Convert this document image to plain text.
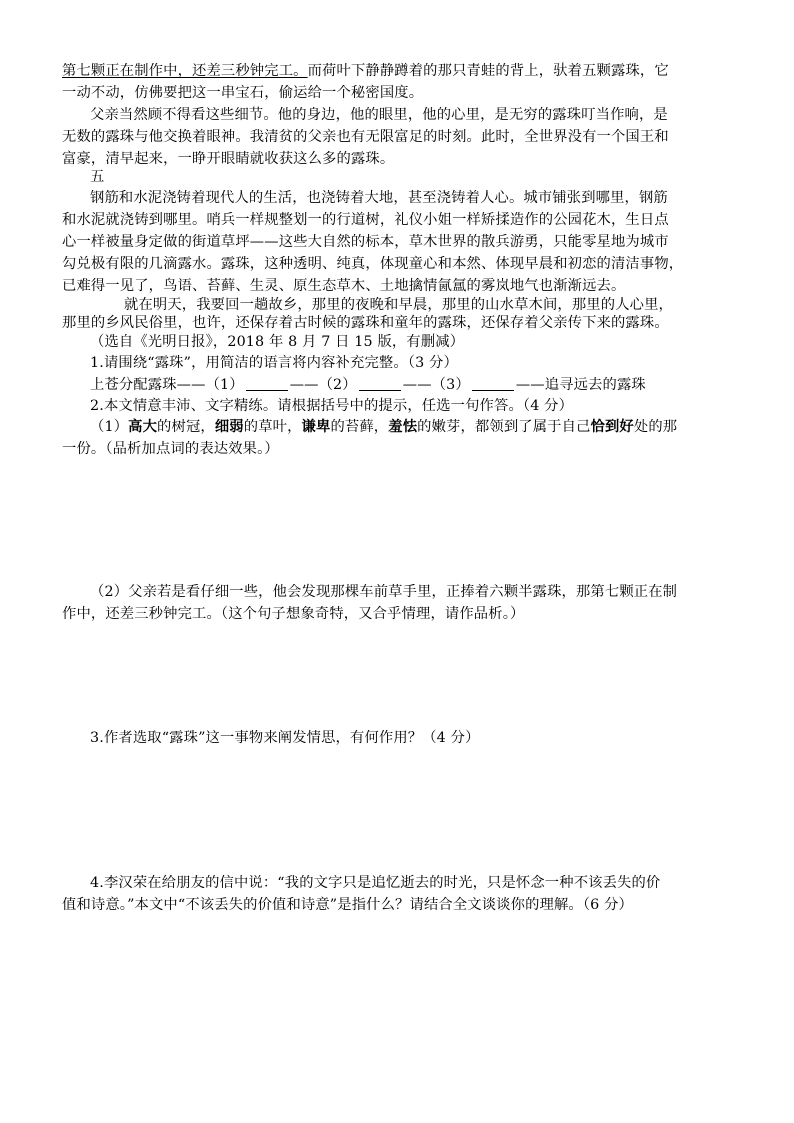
第七颗正在制作中，还差三秒钟完工。而荷叶下静静蹲着的那只青蛙的背上，驮着五颗露珠，它
一动不动，仿佛要把这一串宝石，偷运给一个秘密国度。
父亲当然顾不得看这些细节。他的身边，他的眼里，他的心里，是无穷的露珠叮当作响，是
无数的露珠与他交换着眼神。我清贫的父亲也有无限富足的时刻。此时，全世界没有一个国王和
富豪，清早起来，一睁开眼睛就收获这么多的露珠。
五
钢筋和水泥浇铸着现代人的生活，也浇铸着大地，甚至浇铸着人心。城市铺张到哪里，钢筋
和水泥就浇铸到哪里。哨兵一样规整划一的行道树，礼仪小姐一样矫揉造作的公园花木，生日点
心一样被量身定做的街道草坪——这些大自然的标本，草木世界的散兵游勇，只能零星地为城市
勾兑极有限的几滴露水。露珠，这种透明、纯真，体现童心和本然、体现早晨和初恋的清洁事物，
已难得一见了，鸟语、苔藓、生灵、原生态草木、土地擒情氤氲的雾岚地气也渐渐远去。
就在明天，我要回一趟故乡，那里的夜晚和早晨，那里的山水草木间，那里的人心里，
那里的乡风民俗里，也许，还保存着古时候的露珠和童年的露珠，还保存着父亲传下来的露珠。
（选自《光明日报》，2018 年 8 月 7 日 15 版，有删减）
1.请围绕“露珠”，用简洁的语言将内容补充完整。（3 分）
上苍分配露珠——（1）	——（2）	——（3）	——追寻远去的露珠
2.本文情意丰沛、文字精练。请根据括号中的提示，任选一句作答。（4 分）
（1）高大的树冠，细弱的草叶，谦卑的苔藓，羞怯的嫩芽，都领到了属于自己恰到好处的那
一份。（品析加点词的表达效果。）
（2）父亲若是看仔细一些，他会发现那棵车前草手里，正捧着六颗半露珠，那第七颗正在制
作中，还差三秒钟完工。（这个句子想象奇特，又合乎情理，请作品析。）
3.作者选取“露珠”这一事物来阐发情思，有何作用？（4 分）
4.李汉荣在给朋友的信中说：“我的文字只是追忆逝去的时光，只是怀念一种不该丢失的价
值和诗意。”本文中“不该丢失的价值和诗意”是指什么？请结合全文谈谈你的理解。（6 分）
